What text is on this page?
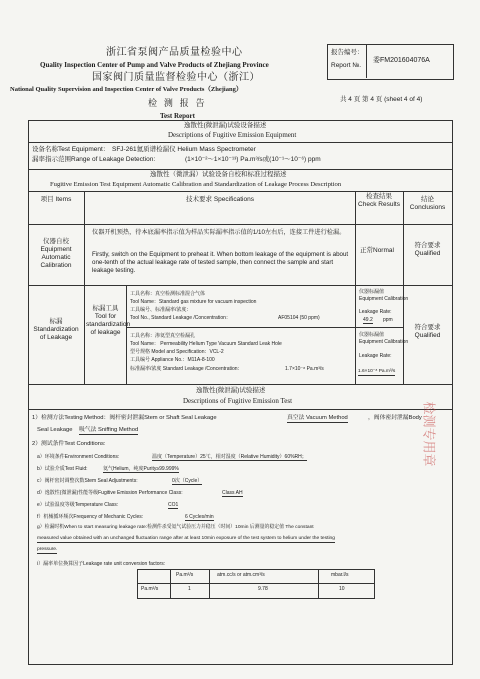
浙江省泵阀产品质量检验中心
Quality Inspection Center of Pump and Valve Products of Zhejiang Province
国家阀门质量监督检验中心（浙江）
National Quality Supervision and Inspection Center of Valve Products（Zhejiang）
检 测 报 告
Test Report
报告编号：
Report №.
委FM201604076A
共 4 页 第 4 页 (sheet 4 of 4)
逸散性(微泄漏)试验设备描述
Descriptions of Fugitive Emission Equipment
设备名称Test Equipment： SFJ-261氦质谱检漏仪 Helium Mass Spectrometer
漏率指示范围Range of Leakage Detection:	(1×10⁻²～1×10⁻¹³) Pa.m³/s或(10⁻¹～10⁻⁶) ppm
逸散性（微泄漏）试验设备自校和标准过程描述
Fugitive Emission Test Equipment Automatic Calibration and Standardization of Leakage Process Description
项目 Items	技术要求 Specifications	检查结果 Check Results
结论 Conclusions
仪器自校 Equipment Automatic Calibration
仪器开机预热，待本底漏率指示值为样品实际漏率指示值的1/10左右后，连接工件进行检漏。
Firstly, switch on the Equipment to preheat it. When bottom leakage of the equipment is about one-tenth of the actual leakage rate of tested sample, then connect the sample and start leakage testing.
正常Normal
符合要求 Qualified
标漏 Standardization of Leakage
标漏工具 Tool for standardization of leakage
工具名称：真空检测标准混合气体
Tool Name：Standard gas mixture for vacuum inspection
工具编号、标准漏率/浓度：
Tool No., Standard Leakage /Concentration：	AF05104 (50 ppm)
仪器标漏值
Equipment Calibration
Leakage Rate:
49.2 ppm
工具名称：渗氦型真空检漏孔
Tool Name： Permeability Helium Type Vacuum Standard Leak Hole
型号规格 Model and Specification：VCL-2
工具编号 Appliance No.：M11A-8-100
标准漏率/浓度 Standard Leakage /Concentration：	1.7×10⁻⁸ Pa.m³/s
仪器标漏值
Equipment Calibration
Leakage Rate:
1.6×10⁻⁸ Pa.m³/s
符合要求 Qualified
逸散性(微泄漏)试验描述
Descriptions of Fugitive Emission Test
1）检测方法Testing Method：阀杆密封泄漏Stem or Shaft Seal Leakage	真空法 Vacuum Method	，阀体密封泄漏Body
Seal Leakage 吸气法 Sniffing Method
2）测试条件Test Conditions:
a）环境条件Environment Conditions:	温度（Temperature）25℃，相对湿度（Relative Humidity）60%RH；
b）试验介质Test Fluid:	氦气Helium，纯度Purity≥99.999%
c）阀杆密封调整次数Stem Seal Adjustments:	0次（Cycle）
d）逸散性(微泄漏)性能等级Fugitive Emission Performance Class:	Class AH
e）试验温度等级Temperature Class:	CO1
f）机械循环频次Frequency of Mechanic Cycles:	6 Cycles/min
g）检漏时机When to start measuring leakage rate:检测件杀受氦气试验压力并稳压（时间）10min 后测量的稳定值 The constant
measured value obtained with an unchanged fluctuation range after at least 10min exposure of the test system to helium under the testing
pressure.
i）漏率单位换算因子Leakage rate unit conversion factors:
Pa.m³/s	atm.cc/s or atm.cm³/s	mbar.l/s
Pa.m³/s	1	9.78	10
检测专用章
